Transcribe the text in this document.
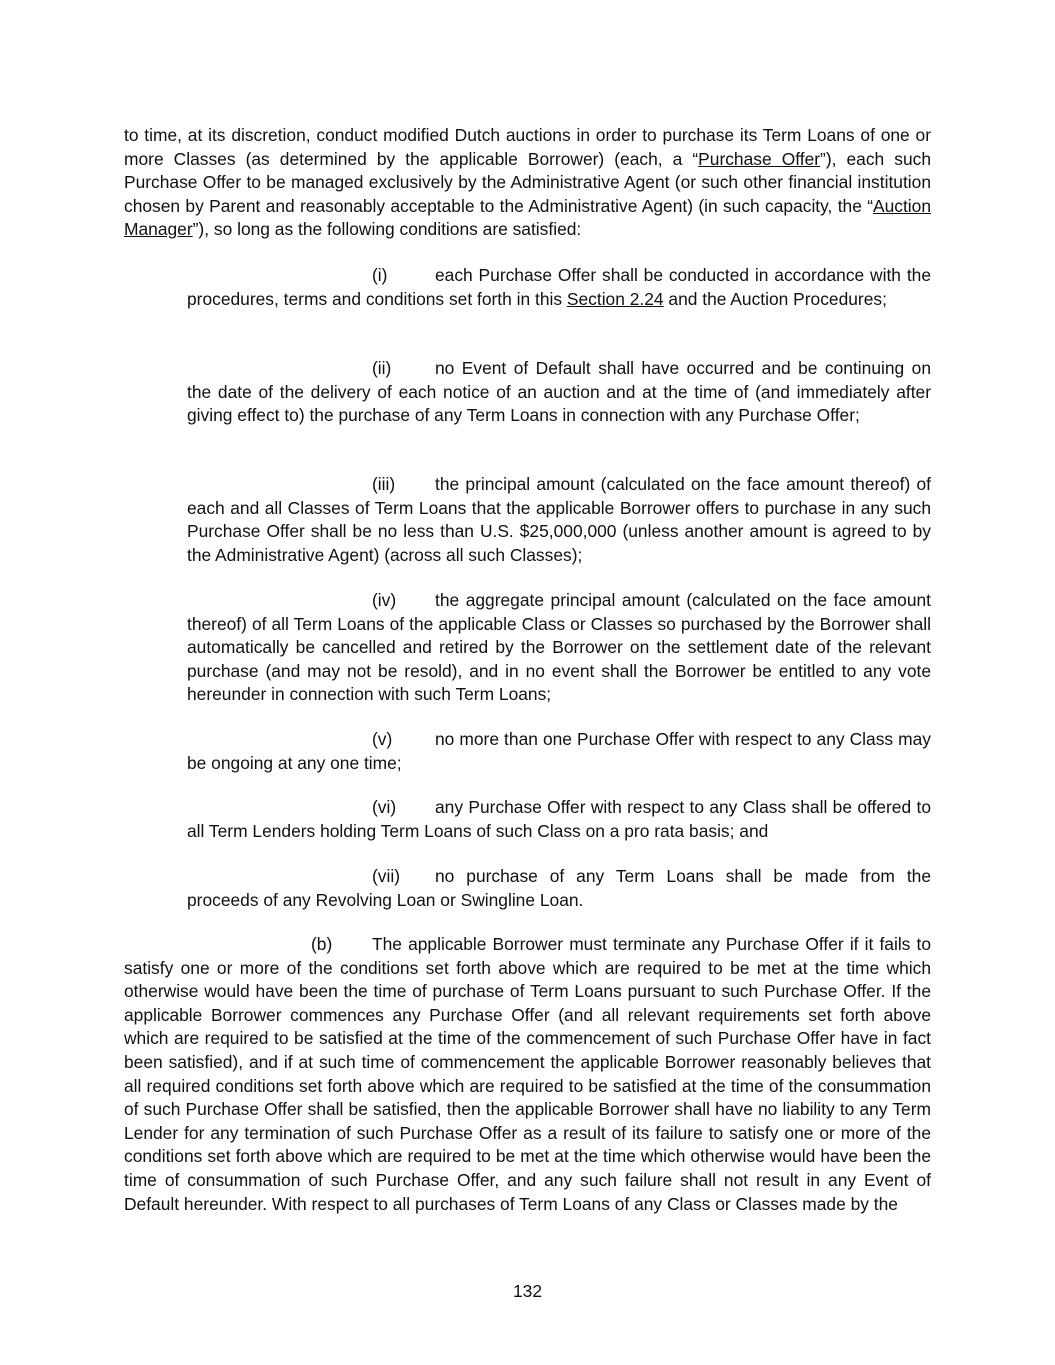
to time, at its discretion, conduct modified Dutch auctions in order to purchase its Term Loans of one or more Classes (as determined by the applicable Borrower) (each, a “Purchase Offer”), each such Purchase Offer to be managed exclusively by the Administrative Agent (or such other financial institution chosen by Parent and reasonably acceptable to the Administrative Agent) (in such capacity, the “Auction Manager”), so long as the following conditions are satisfied:

(i)	each Purchase Offer shall be conducted in accordance with the procedures, terms and conditions set forth in this Section 2.24 and the Auction Procedures;

(ii)	no Event of Default shall have occurred and be continuing on the date of the delivery of each notice of an auction and at the time of (and immediately after giving effect to) the purchase of any Term Loans in connection with any Purchase Offer;

(iii) the principal amount (calculated on the face amount thereof) of each and all Classes of Term Loans that the applicable Borrower offers to purchase in any such Purchase Offer shall be no less than U.S. $25,000,000 (unless another amount is agreed to by the Administrative Agent) (across all such Classes);

(iv) the aggregate principal amount (calculated on the face amount thereof) of all Term Loans of the applicable Class or Classes so purchased by the Borrower shall automatically be cancelled and retired by the Borrower on the settlement date of the relevant purchase (and may not be resold), and in no event shall the Borrower be entitled to any vote hereunder in connection with such Term Loans;

(v) no more than one Purchase Offer with respect to any Class may be ongoing at any one time;

(vi) any Purchase Offer with respect to any Class shall be offered to all Term Lenders holding Term Loans of such Class on a pro rata basis; and

(vii) no purchase of any Term Loans shall be made from the proceeds of any Revolving Loan or Swingline Loan.

(b) The applicable Borrower must terminate any Purchase Offer if it fails to satisfy one or more of the conditions set forth above which are required to be met at the time which otherwise would have been the time of purchase of Term Loans pursuant to such Purchase Offer. If the applicable Borrower commences any Purchase Offer (and all relevant requirements set forth above which are required to be satisfied at the time of the commencement of such Purchase Offer have in fact been satisfied), and if at such time of commencement the applicable Borrower reasonably believes that all required conditions set forth above which are required to be satisfied at the time of the consummation of such Purchase Offer shall be satisfied, then the applicable Borrower shall have no liability to any Term Lender for any termination of such Purchase Offer as a result of its failure to satisfy one or more of the conditions set forth above which are required to be met at the time which otherwise would have been the time of consummation of such Purchase Offer, and any such failure shall not result in any Event of Default hereunder. With respect to all purchases of Term Loans of any Class or Classes made by the

132
